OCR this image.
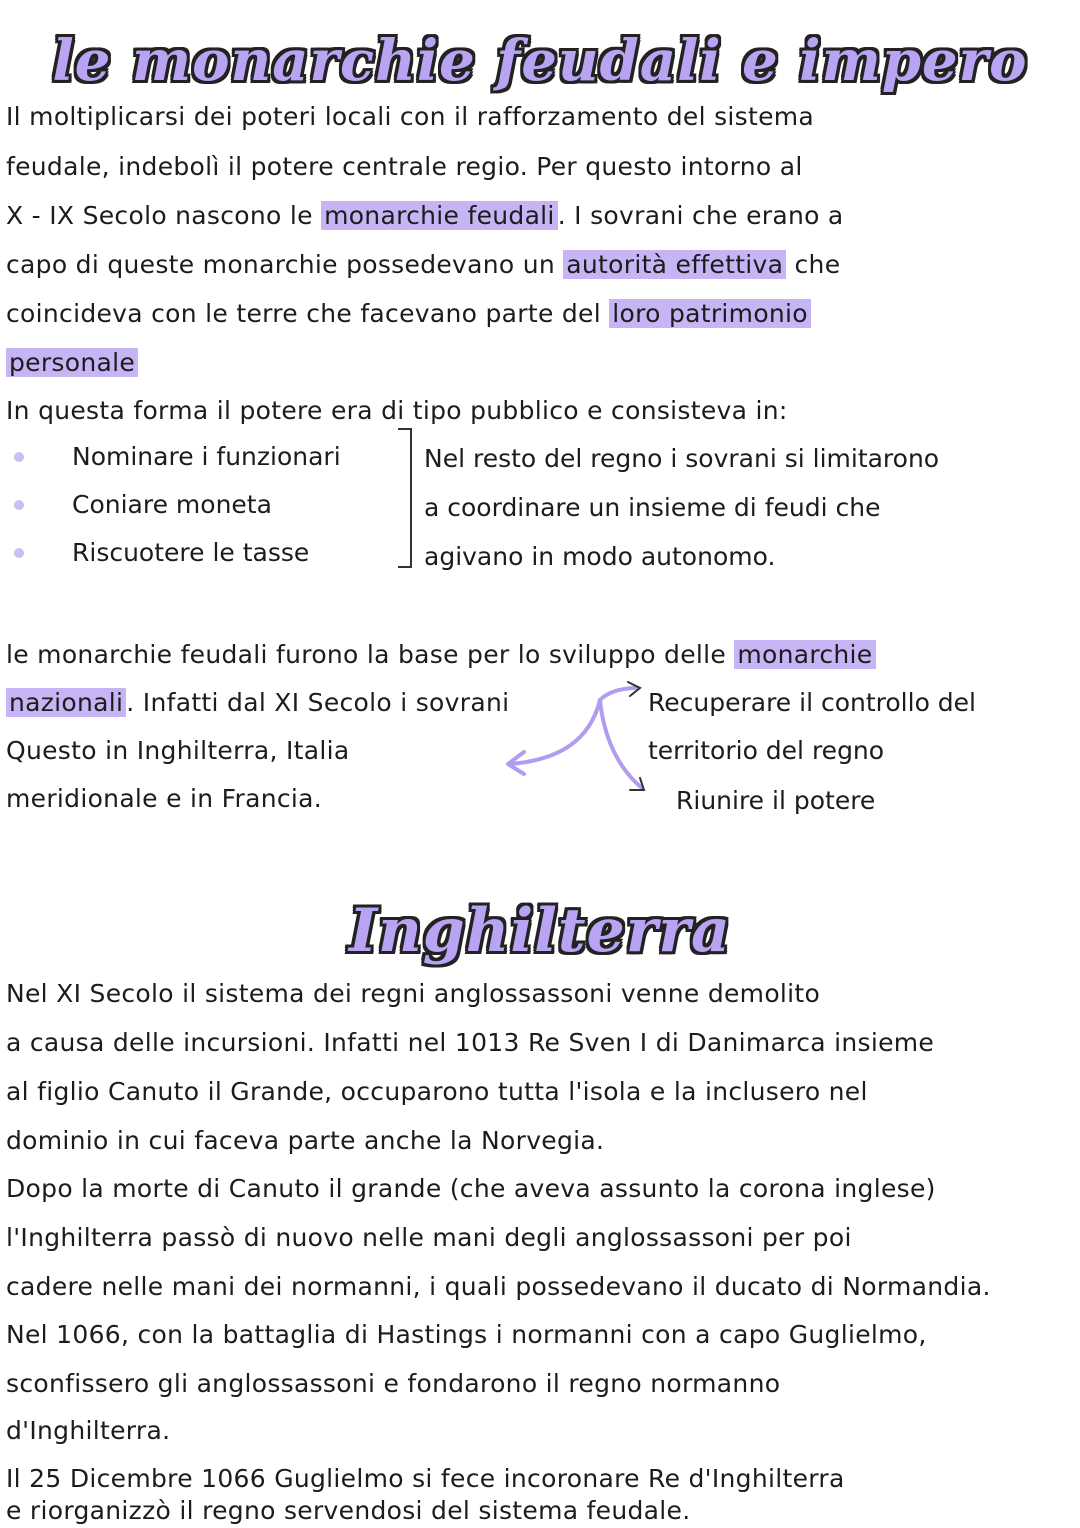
le monarchie feudali e impero
Il moltiplicarsi dei poteri locali con il rafforzamento del sistema
feudale, indebolì il potere centrale regio. Per questo intorno al
X - IX Secolo nascono le monarchie feudali . I sovrani che erano a
capo di queste monarchie possedevano un autorità effettiva che
coincideva con le terre che facevano parte del loro patrimonio
personale
In questa forma il potere era di tipo pubblico e consisteva in:
Nominare i funzionari
Coniare moneta
Riscuotere le tasse
Nel resto del regno i sovrani si limitarono
a coordinare un insieme di feudi che
agivano in modo autonomo.
le monarchie feudali furono la base per lo sviluppo delle monarchie
nazionali . Infatti dal XI Secolo i sovrani
Questo in Inghilterra, Italia
meridionale e in Francia.
Recuperare il controllo del
territorio del regno
Riunire il potere
Inghilterra
Nel XI Secolo il sistema dei regni anglossassoni venne demolito
a causa delle incursioni. Infatti nel 1013 Re Sven I di Danimarca insieme
al figlio Canuto il Grande, occuparono tutta l'isola e la inclusero nel
dominio in cui faceva parte anche la Norvegia.
Dopo la morte di Canuto il grande (che aveva assunto la corona inglese)
l'Inghilterra passò di nuovo nelle mani degli anglossassoni per poi
cadere nelle mani dei normanni, i quali possedevano il ducato di Normandia.
Nel 1066, con la battaglia di Hastings i normanni con a capo Guglielmo,
sconfissero gli anglossassoni e fondarono il regno normanno
d'Inghilterra.
Il 25 Dicembre 1066 Guglielmo si fece incoronare Re d'Inghilterra
e riorganizzò il regno servendosi del sistema feudale.
